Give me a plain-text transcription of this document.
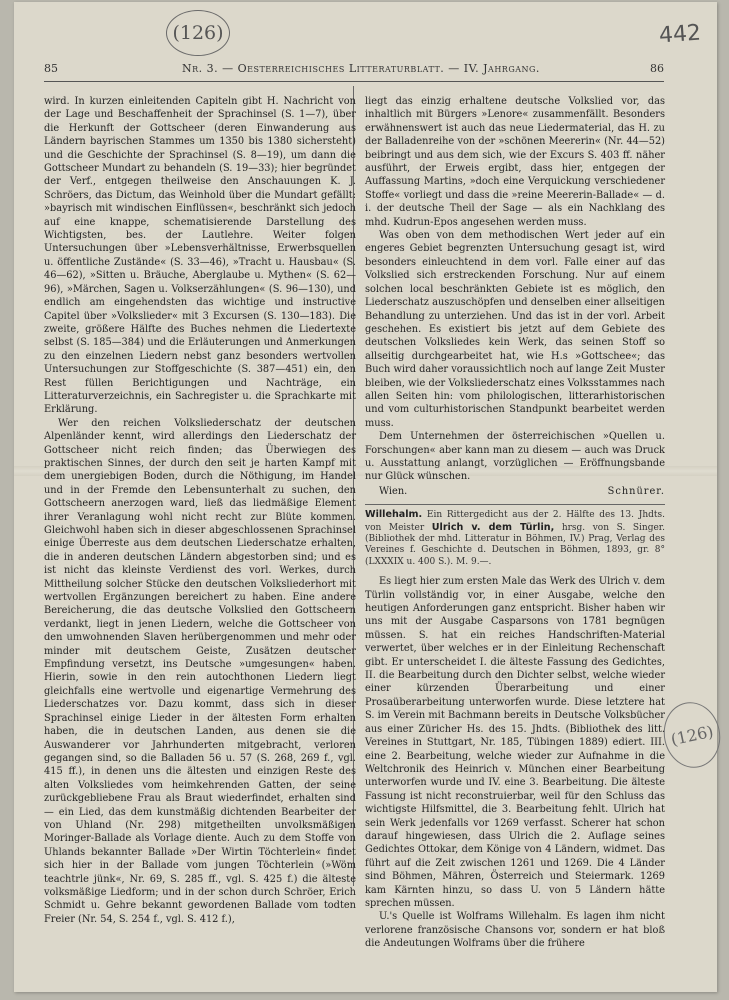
(126)	442
(126)
85	Nr. 3. — Oesterreichisches Litteraturblatt. — IV. Jahrgang.	86

wird. In kurzen einleitenden Capiteln gibt H. Nachricht von der Lage und Beschaffenheit der Sprachinsel (S. 1—7), über die Herkunft der Gottscheer (deren Einwanderung aus Ländern bayrischen Stammes um 1350 bis 1380 sichersteht) und die Geschichte der Sprachinsel (S. 8—19), um dann die Gottscheer Mundart zu behandeln (S. 19—33); hier begründet der Verf., entgegen theilweise den Anschauungen K. J. Schröers, das Dictum, das Weinhold über die Mundart gefällt: »bayrisch mit windischen Einflüssen«, beschränkt sich jedoch auf eine knappe, schematisierende Darstellung des Wichtigsten, bes. der Lautlehre. Weiter folgen Untersuchungen über »Lebensverhältnisse, Erwerbsquellen u. öffentliche Zustände« (S. 33—46), »Tracht u. Hausbau« (S. 46—62), »Sitten u. Bräuche, Aberglaube u. Mythen« (S. 62—96), »Märchen, Sagen u. Volkserzählungen« (S. 96—130), und endlich am eingehendsten das wichtige und instructive Capitel über »Volkslieder« mit 3 Excursen (S. 130—183). Die zweite, größere Hälfte des Buches nehmen die Liedertexte selbst (S. 185—384) und die Erläuterungen und Anmerkungen zu den einzelnen Liedern nebst ganz besonders wertvollen Untersuchungen zur Stoffgeschichte (S. 387—451) ein, den Rest füllen Berichtigungen und Nachträge, ein Litteraturverzeichnis, ein Sachregister u. die Sprachkarte mit Erklärung.

Wer den reichen Volksliederschatz der deutschen Alpenländer kennt, wird allerdings den Liederschatz der Gottscheer nicht reich finden; das Überwiegen des praktischen Sinnes, der durch den seit je harten Kampf mit dem unergiebigen Boden, durch die Nöthigung, im Handel und in der Fremde den Lebensunterhalt zu suchen, den Gottscheern anerzogen ward, ließ das liedmäßige Element ihrer Veranlagung wohl nicht recht zur Blüte kommen. Gleichwohl haben sich in dieser abgeschlossenen Sprachinsel einige Überreste aus dem deutschen Liederschatze erhalten, die in anderen deutschen Ländern abgestorben sind; und es ist nicht das kleinste Verdienst des vorl. Werkes, durch Mittheilung solcher Stücke den deutschen Volksliederhort mit wertvollen Ergänzungen bereichert zu haben. Eine andere Bereicherung, die das deutsche Volkslied den Gottscheern verdankt, liegt in jenen Liedern, welche die Gottscheer von den umwohnenden Slaven herübergenommen und mehr oder minder mit deutschem Geiste, Zusätzen deutscher Empfindung versetzt, ins Deutsche »umgesungen« haben. Hierin, sowie in den rein autochthonen Liedern liegt gleichfalls eine wertvolle und eigenartige Vermehrung des Liederschatzes vor. Dazu kommt, dass sich in dieser Sprachinsel einige Lieder in der ältesten Form erhalten haben, die in deutschen Landen, aus denen sie die Auswanderer vor Jahrhunderten mitgebracht, verloren gegangen sind, so die Balladen 56 u. 57 (S. 268, 269 f., vgl. 415 ff.), in denen uns die ältesten und einzigen Reste des alten Volksliedes vom heimkehrenden Gatten, der seine zurückgebliebene Frau als Braut wiederfindet, erhalten sind — ein Lied, das dem kunstmäßig dichtenden Bearbeiter der von Uhland (Nr. 298) mitgetheilten unvolksmäßigen Moringer-Ballade als Vorlage diente. Auch zu dem Stoffe von Uhlands bekannter Ballade »Der Wirtin Töchterlein« findet sich hier in der Ballade vom jungen Töchterlein (»Wöm teachtrle jünk«, Nr. 69, S. 285 ff., vgl. S. 425 f.) die älteste volksmäßige Liedform; und in der schon durch Schröer, Erich Schmidt u. Gehre bekannt gewordenen Ballade vom todten Freier (Nr. 54, S. 254 f., vgl. S. 412 f.),

liegt das einzig erhaltene deutsche Volkslied vor, das inhaltlich mit Bürgers »Lenore« zusammenfällt. Besonders erwähnenswert ist auch das neue Liedermaterial, das H. zu der Balladenreihe von der »schönen Meererin« (Nr. 44—52) beibringt und aus dem sich, wie der Excurs S. 403 ff. näher ausführt, der Erweis ergibt, dass hier, entgegen der Auffassung Martins, »doch eine Verquickung verschiedener Stoffe« vorliegt und dass die »reine Meererin-Ballade« — d. i. der deutsche Theil der Sage — als ein Nachklang des mhd. Kudrun-Epos angesehen werden muss.

Was oben von dem methodischen Wert jeder auf ein engeres Gebiet begrenzten Untersuchung gesagt ist, wird besonders einleuchtend in dem vorl. Falle einer auf das Volkslied sich erstreckenden Forschung. Nur auf einem solchen local beschränkten Gebiete ist es möglich, den Liederschatz auszuschöpfen und denselben einer allseitigen Behandlung zu unterziehen. Und das ist in der vorl. Arbeit geschehen. Es existiert bis jetzt auf dem Gebiete des deutschen Volksliedes kein Werk, das seinen Stoff so allseitig durchgearbeitet hat, wie H.s »Gottschee«; das Buch wird daher voraussichtlich noch auf lange Zeit Muster bleiben, wie der Volksliederschatz eines Volksstammes nach allen Seiten hin: vom philologischen, litterarhistorischen und vom culturhistorischen Standpunkt bearbeitet werden muss.

Dem Unternehmen der österreichischen »Quellen u. Forschungen« aber kann man zu diesem — auch was Druck u. Ausstattung anlangt, vorzüglichen — Eröffnungsbande nur Glück wünschen.

Wien.	Schnürer.
Willehalm. Ein Rittergedicht aus der 2. Hälfte des 13. Jhdts. von Meister Ulrich v. dem Türlin, hrsg. von S. Singer. (Bibliothek der mhd. Litteratur in Böhmen, IV.) Prag, Verlag des Vereines f. Geschichte d. Deutschen in Böhmen, 1893, gr. 8° (LXXXIX u. 400 S.). M. 9.—.

Es liegt hier zum ersten Male das Werk des Ulrich v. dem Türlin vollständig vor, in einer Ausgabe, welche den heutigen Anforderungen ganz entspricht. Bisher haben wir uns mit der Ausgabe Casparsons von 1781 begnügen müssen. S. hat ein reiches Handschriften-Material verwertet, über welches er in der Einleitung Rechenschaft gibt. Er unterscheidet I. die älteste Fassung des Gedichtes, II. die Bearbeitung durch den Dichter selbst, welche wieder einer kürzenden Überarbeitung und einer Prosaüberarbeitung unterworfen wurde. Diese letztere hat S. im Verein mit Bachmann bereits in Deutsche Volksbücher aus einer Züricher Hs. des 15. Jhdts. (Bibliothek des litt. Vereines in Stuttgart, Nr. 185, Tübingen 1889) ediert. III. eine 2. Bearbeitung, welche wieder zur Aufnahme in die Weltchronik des Heinrich v. München einer Bearbeitung unterworfen wurde und IV. eine 3. Bearbeitung. Die älteste Fassung ist nicht reconstruierbar, weil für den Schluss das wichtigste Hilfsmittel, die 3. Bearbeitung fehlt. Ulrich hat sein Werk jedenfalls vor 1269 verfasst. Scherer hat schon darauf hingewiesen, dass Ulrich die 2. Auflage seines Gedichtes Ottokar, dem Könige von 4 Ländern, widmet. Das führt auf die Zeit zwischen 1261 und 1269. Die 4 Länder sind Böhmen, Mähren, Österreich und Steiermark. 1269 kam Kärnten hinzu, so dass U. von 5 Ländern hätte sprechen müssen.

U.'s Quelle ist Wolframs Willehalm. Es lagen ihm nicht verlorene französische Chansons vor, sondern er hat bloß die Andeutungen Wolframs über die frühere
